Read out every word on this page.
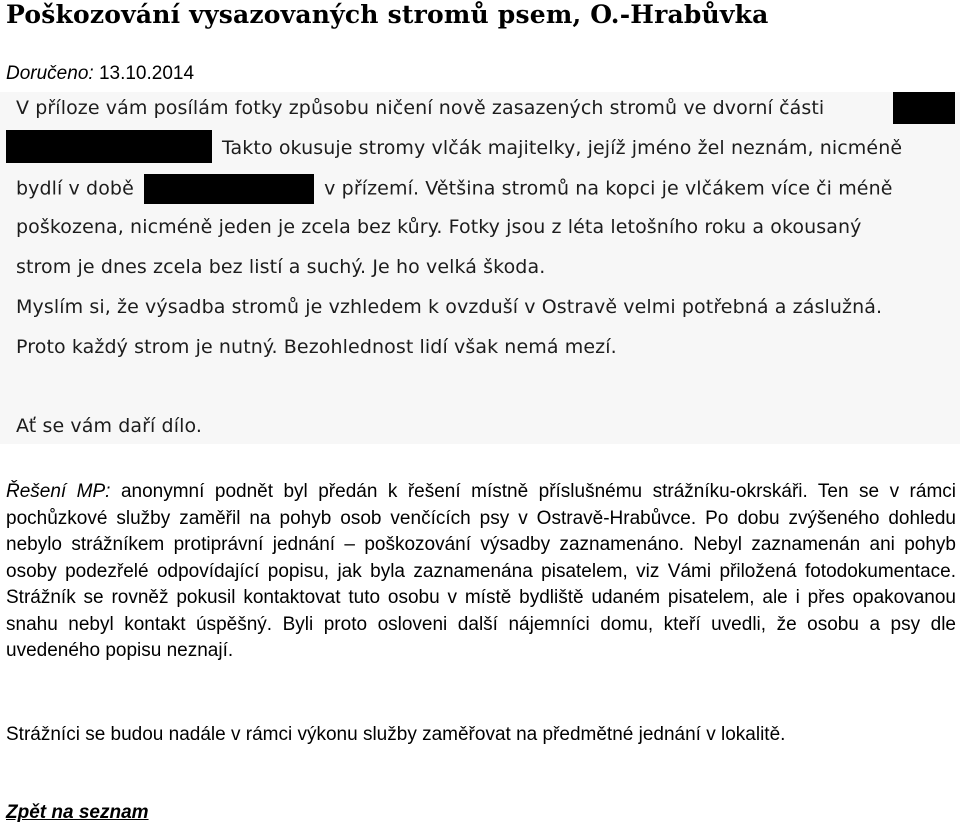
Poškozování vysazovaných stromů psem, O.-Hrabůvka
Doručeno: 13.10.2014
V příloze vám posílám fotky způsobu ničení nově zasazených stromů ve dvorní části
Takto okusuje stromy vlčák majitelky, jejíž jméno žel neznám, nicméně
bydlí v době	v přízemí. Většina stromů na kopci je vlčákem více či méně
poškozena, nicméně jeden je zcela bez kůry. Fotky jsou z léta letošního roku a okousaný
strom je dnes zcela bez listí a suchý. Je ho velká škoda.
Myslím si, že výsadba stromů je vzhledem k ovzduší v Ostravě velmi potřebná a záslužná.
Proto každý strom je nutný. Bezohlednost lidí však nemá mezí.
Ať se vám daří dílo.
Řešení MP: anonymní podnět byl předán k řešení místně příslušnému strážníku-okrskáři. Ten se v rámci pochůzkové služby zaměřil na pohyb osob venčících psy v Ostravě-Hrabůvce. Po dobu zvýšeného dohledu nebylo strážníkem protiprávní jednání – poškozování výsadby zaznamenáno. Nebyl zaznamenán ani pohyb osoby podezřelé odpovídající popisu, jak byla zaznamenána pisatelem, viz Vámi přiložená fotodokumentace. Strážník se rovněž pokusil kontaktovat tuto osobu v místě bydliště udaném pisatelem, ale i přes opakovanou snahu nebyl kontakt úspěšný. Byli proto osloveni další nájemníci domu, kteří uvedli, že osobu a psy dle uvedeného popisu neznají.
Strážníci se budou nadále v rámci výkonu služby zaměřovat na předmětné jednání v lokalitě.
Zpět na seznam
